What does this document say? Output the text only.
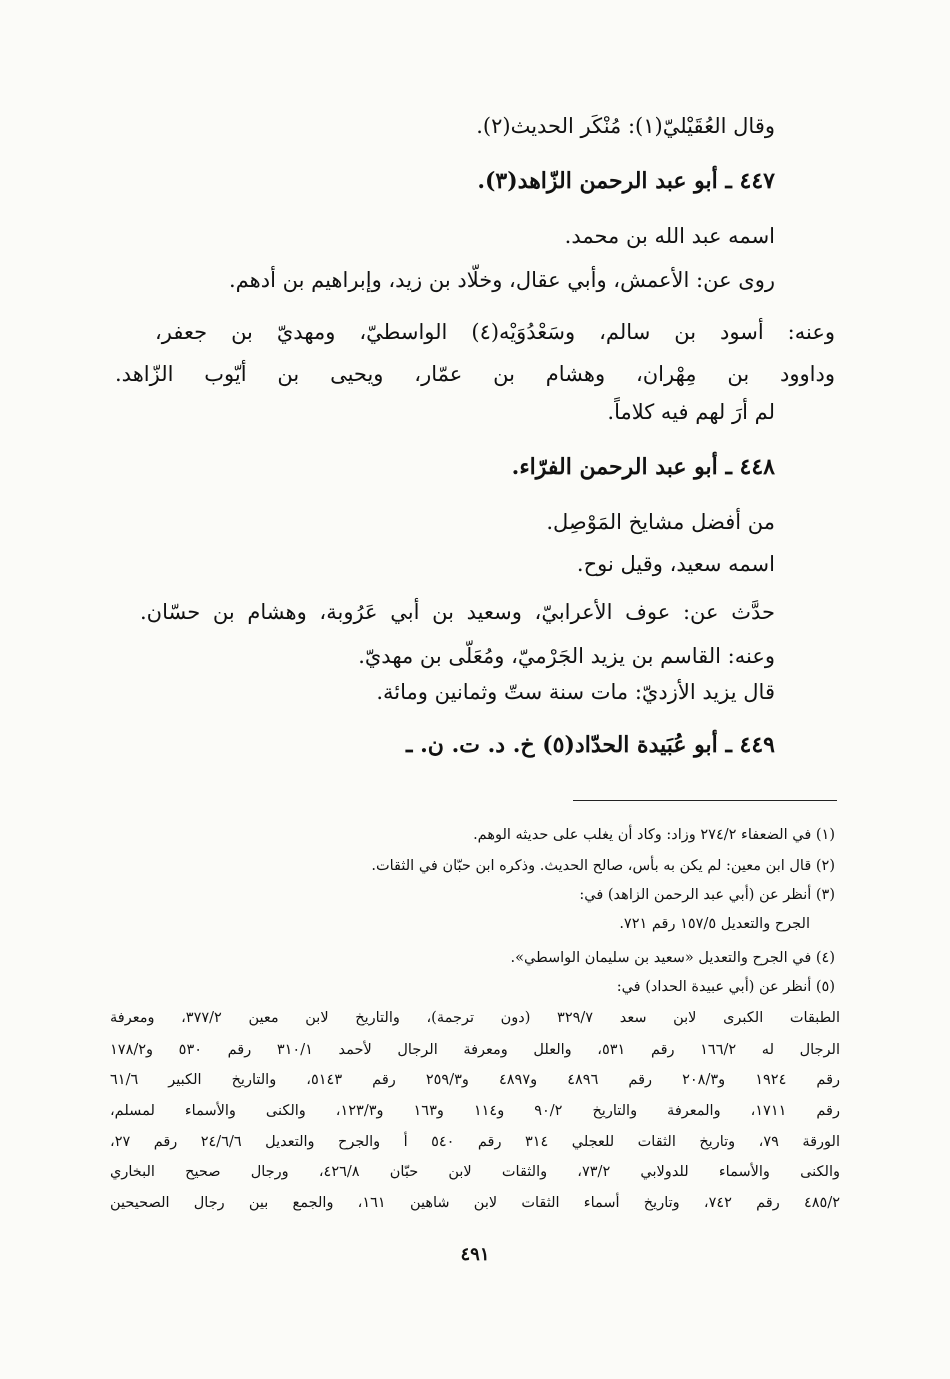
وقال العُقَيْليّ(١): مُنْكَر الحديث(٢).
٤٤٧ ـ أبو عبد الرحمن الزّاهد(٣).
اسمه عبد الله بن محمد.
روى عن: الأعمش، وأبي عقال، وخلّاد بن زيد، وإبراهيم بن أدهم.
وعنه: أسود بن سالم، وسَعْدُوَيْه(٤) الواسطيّ، ومهديّ بن جعفر،
وداوود بن مِهْران، وهشام بن عمّار، ويحيى بن أيّوب الزّاهد.
لم أرَ لهم فيه كلاماً.
٤٤٨ ـ أبو عبد الرحمن الفرّاء.
من أفضل مشايخ المَوْصِل.
اسمه سعيد، وقيل نوح.
حدَّث عن: عوف الأعرابيّ، وسعيد بن أبي عَرُوبة، وهشام بن حسّان.
وعنه: القاسم بن يزيد الجَرْميّ، ومُعَلَّى بن مهديّ.
قال يزيد الأزديّ: مات سنة ستّ وثمانين ومائة.
٤٤٩ ـ أبو عُبَيدة الحدّاد(٥) خ. د. ت. ن. ـ
(١) في الضعفاء ٢٧٤/٢ وزاد: وكاد أن يغلب على حديثه الوهم.
(٢) قال ابن معين: لم يكن به بأس، صالح الحديث. وذكره ابن حبّان في الثقات.
(٣) أنظر عن (أبي عبد الرحمن الزاهد) في:
الجرح والتعديل ١٥٧/٥ رقم ٧٢١.
(٤) في الجرح والتعديل «سعيد بن سليمان الواسطي».
(٥) أنظر عن (أبي عبيدة الحداد) في:
الطبقات الكبرى لابن سعد ٣٢٩/٧ (دون ترجمة)، والتاريخ لابن معين ٣٧٧/٢، ومعرفة
الرجال له ١٦٦/٢ رقم ٥٣١، والعلل ومعرفة الرجال لأحمد ٣١٠/١ رقم ٥٣٠ و١٧٨/٢
رقم ١٩٢٤ و٢٠٨/٣ رقم ٤٨٩٦ و٤٨٩٧ و٢٥٩/٣ رقم ٥١٤٣، والتاريخ الكبير ٦١/٦
رقم ١٧١١، والمعرفة والتاريخ ٩٠/٢ و١١٤ و١٦٣ و١٢٣/٣، والكنى والأسماء لمسلم،
الورقة ٧٩، وتاريخ الثقات للعجلي ٣١٤ رقم ٥٤٠ أ والجرح والتعديل ٢٤/٦/٦ رقم ٢٧،
والكنى والأسماء للدولابي ٧٣/٢، والثقات لابن حبّان ٤٢٦/٨، ورجال صحيح البخاري
٤٨٥/٢ رقم ٧٤٢، وتاريخ أسماء الثقات لابن شاهين ١٦١، والجمع بين رجال الصحيحين
٤٩١
